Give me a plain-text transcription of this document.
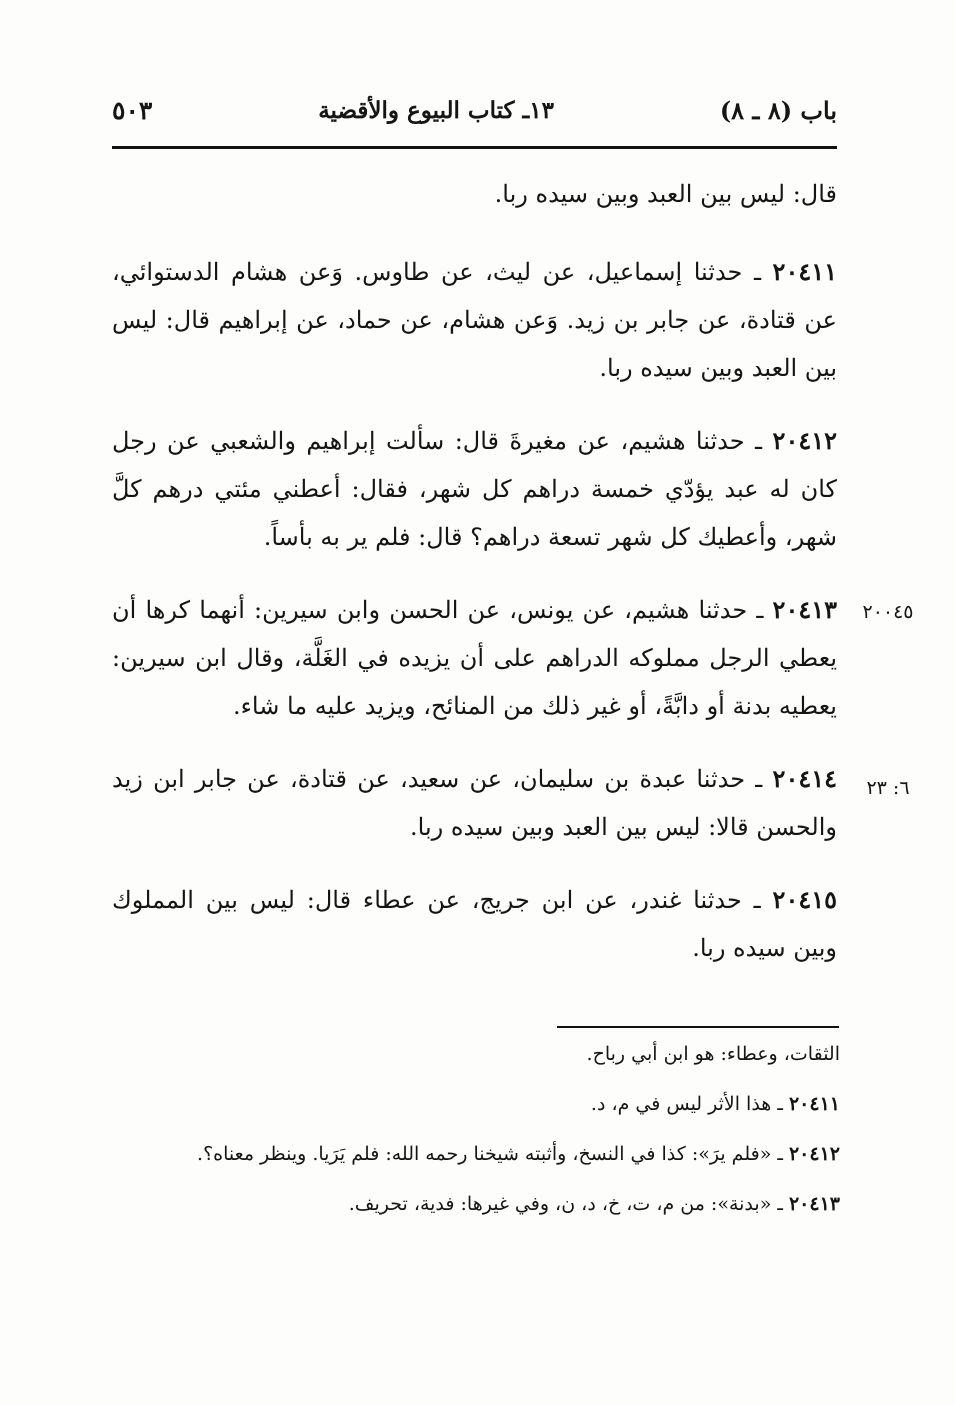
باب (٨ ـ ٨)
١٣ـ كتاب البيوع والأقضية
٥٠٣
٢٠٠٤٥
٦: ٢٣

قال: ليس بين العبد وبين سيده ربا.

٢٠٤١١ ـ حدثنا إسماعيل، عن ليث، عن طاوس. وَعن هشام الدستوائي، عن قتادة، عن جابر بن زيد. وَعن هشام، عن حماد، عن إبراهيم قال: ليس بين العبد وبين سيده ربا.

٢٠٤١٢ ـ حدثنا هشيم، عن مغيرةَ قال: سألت إبراهيم والشعبي عن رجل كان له عبد يؤدّي خمسة دراهم كل شهر، فقال: أعطني مئتي درهم كلَّ شهر، وأعطيك كل شهر تسعة دراهم؟ قال: فلم ير به بأساً.

٢٠٤١٣ ـ حدثنا هشيم، عن يونس، عن الحسن وابن سيرين: أنهما كرها أن يعطي الرجل مملوكه الدراهم على أن يزيده في الغَلَّة، وقال ابن سيرين: يعطيه بدنة أو دابَّةً، أو غير ذلك من المنائح، ويزيد عليه ما شاء.

٢٠٤١٤ ـ حدثنا عبدة بن سليمان، عن سعيد، عن قتادة، عن جابر ابن زيد والحسن قالا: ليس بين العبد وبين سيده ربا.

٢٠٤١٥ ـ حدثنا غندر، عن ابن جريج، عن عطاء قال: ليس بين المملوك وبين سيده ربا.

الثقات، وعطاء: هو ابن أبي رباح.

٢٠٤١١ ـ هذا الأثر ليس في م، د.

٢٠٤١٢ ـ «فلم يرَ»: كذا في النسخ، وأثبته شيخنا رحمه الله: فلم يَرَيا. وينظر معناه؟.

٢٠٤١٣ ـ «بدنة»: من م، ت، خ، د، ن، وفي غيرها: فدية، تحريف.
